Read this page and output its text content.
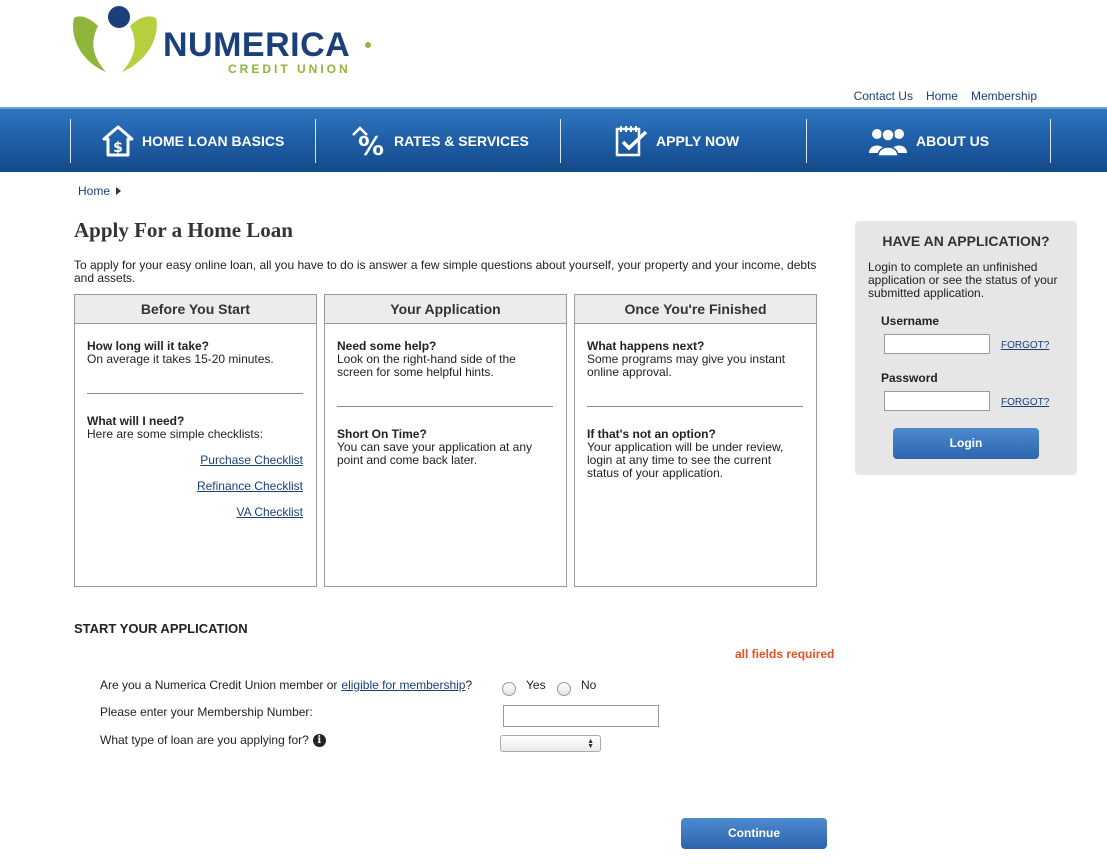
NUMERICA
CREDIT UNION
Contact Us Home Membership
$ HOME LOAN BASICS	% RATES & SERVICES	APPLY NOW	ABOUT US
Home
Apply For a Home Loan

To apply for your easy online loan, all you have to do is answer a few simple questions about yourself, your property and your income, debts and assets.

Before You Start
How long will it take?
On average it takes 15-20 minutes.
What will I need?
Here are some simple checklists:
Purchase Checklist
Refinance Checklist
VA Checklist
Your Application
Need some help?
Look on the right-hand side of the screen for some helpful hints.
Short On Time?
You can save your application at any point and come back later.
Once You're Finished
What happens next?
Some programs may give you instant online approval.
If that's not an option?
Your application will be under review, login at any time to see the current status of your application.
HAVE AN APPLICATION?
Login to complete an unfinished application or see the status of your submitted application.
Username
FORGOT?
Password
FORGOT?
Login
START YOUR APPLICATION
all fields required
Are you a Numerica Credit Union member or eligible for membership ?	Yes	No
Please enter your Membership Number:
What type of loan are you applying for? i	▲
▼
Continue
